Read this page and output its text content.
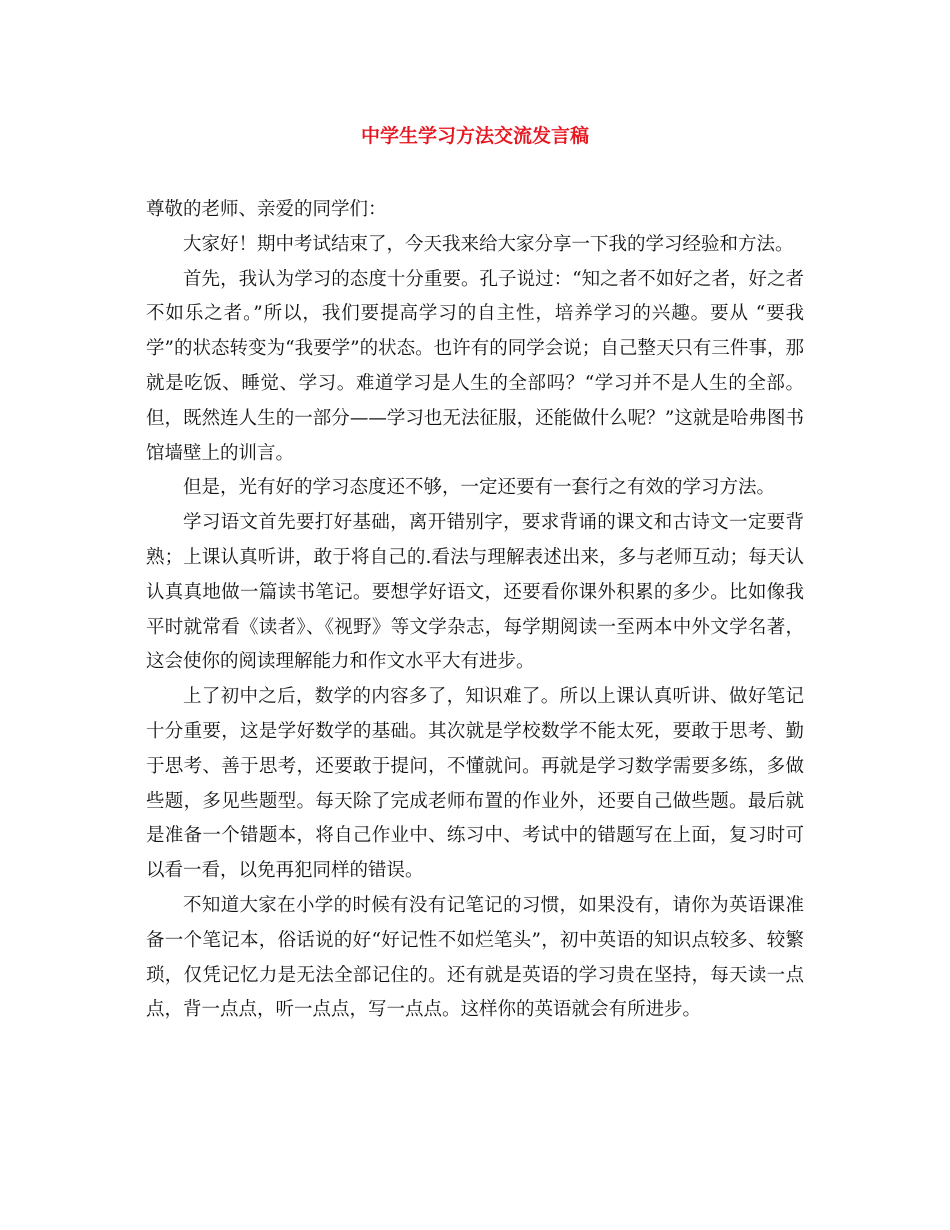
中学生学习方法交流发言稿

尊敬的老师、亲爱的同学们：

大家好！期中考试结束了，今天我来给大家分享一下我的学习经验和方法。

首先，我认为学习的态度十分重要。孔子说过：“知之者不如好之者，好之者不如乐之者。”所以，我们要提高学习的自主性，培养学习的兴趣。要从 “要我学”的状态转变为“我要学”的状态。也许有的同学会说；自己整天只有三件事，那就是吃饭、睡觉、学习。难道学习是人生的全部吗？“学习并不是人生的全部。但，既然连人生的一部分——学习也无法征服，还能做什么呢？”这就是哈弗图书馆墙壁上的训言。

但是，光有好的学习态度还不够，一定还要有一套行之有效的学习方法。

学习语文首先要打好基础，离开错别字，要求背诵的课文和古诗文一定要背熟；上课认真听讲，敢于将自己的.看法与理解表述出来，多与老师互动；每天认认真真地做一篇读书笔记。要想学好语文，还要看你课外积累的多少。比如像我平时就常看《读者》、《视野》等文学杂志，每学期阅读一至两本中外文学名著，这会使你的阅读理解能力和作文水平大有进步。

上了初中之后，数学的内容多了，知识难了。所以上课认真听讲、做好笔记十分重要，这是学好数学的基础。其次就是学校数学不能太死，要敢于思考、勤于思考、善于思考，还要敢于提问，不懂就问。再就是学习数学需要多练，多做些题，多见些题型。每天除了完成老师布置的作业外，还要自己做些题。最后就是准备一个错题本，将自己作业中、练习中、考试中的错题写在上面，复习时可以看一看，以免再犯同样的错误。

不知道大家在小学的时候有没有记笔记的习惯，如果没有，请你为英语课准备一个笔记本，俗话说的好“好记性不如烂笔头”，初中英语的知识点较多、较繁琐，仅凭记忆力是无法全部记住的。还有就是英语的学习贵在坚持，每天读一点点，背一点点，听一点点，写一点点。这样你的英语就会有所进步。
